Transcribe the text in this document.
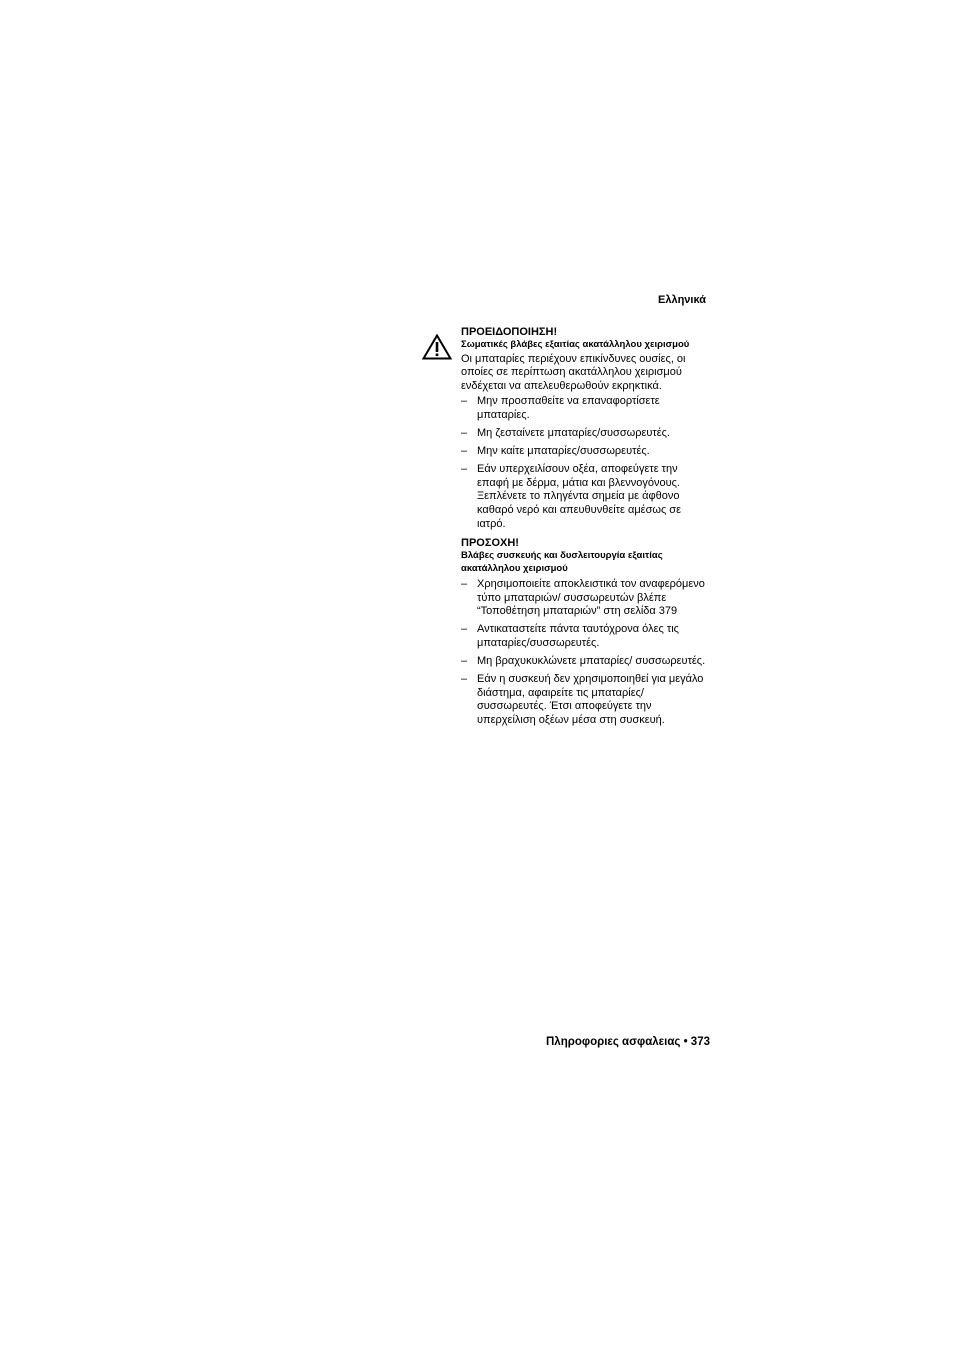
Ελληνικά
ΠΡΟΕΙΔΟΠΟΙΗΣΗ!
Σωματικές βλάβες εξαιτίας ακατάλληλου χειρισμού
Οι μπαταρίες περιέχουν επικίνδυνες ουσίες, οι οποίες σε περίπτωση ακατάλληλου χειρισμού ενδέχεται να απελευθερωθούν εκρηκτικά.
– Μην προσπαθείτε να επαναφορτίσετε μπαταρίες.
– Μη ζεσταίνετε μπαταρίες/συσσωρευτές.
– Μην καίτε μπαταρίες/συσσωρευτές.
– Εάν υπερχειλίσουν οξέα, αποφεύγετε την επαφή με δέρμα, μάτια και βλεννογόνους. Ξεπλένετε το πληγέντα σημεία με άφθονο καθαρό νερό και απευθυνθείτε αμέσως σε ιατρό.
ΠΡΟΣΟΧΗ!
Βλάβες συσκευής και δυσλειτουργία εξαιτίας ακατάλληλου χειρισμού
– Χρησιμοποιείτε αποκλειστικά τον αναφερόμενο τύπο μπαταριών/ συσσωρευτών βλέπε “Τοποθέτηση μπαταριών” στη σελίδα 379
– Αντικαταστείτε πάντα ταυτόχρονα όλες τις μπαταρίες/συσσωρευτές.
– Μη βραχυκυκλώνετε μπαταρίες/ συσσωρευτές.
– Εάν η συσκευή δεν χρησιμοποιηθεί για μεγάλο διάστημα, αφαιρείτε τις μπαταρίες/ συσσωρευτές. Έτσι αποφεύγετε την υπερχείλιση οξέων μέσα στη συσκευή.
Πληροφοριες ασφαλειας • 373
